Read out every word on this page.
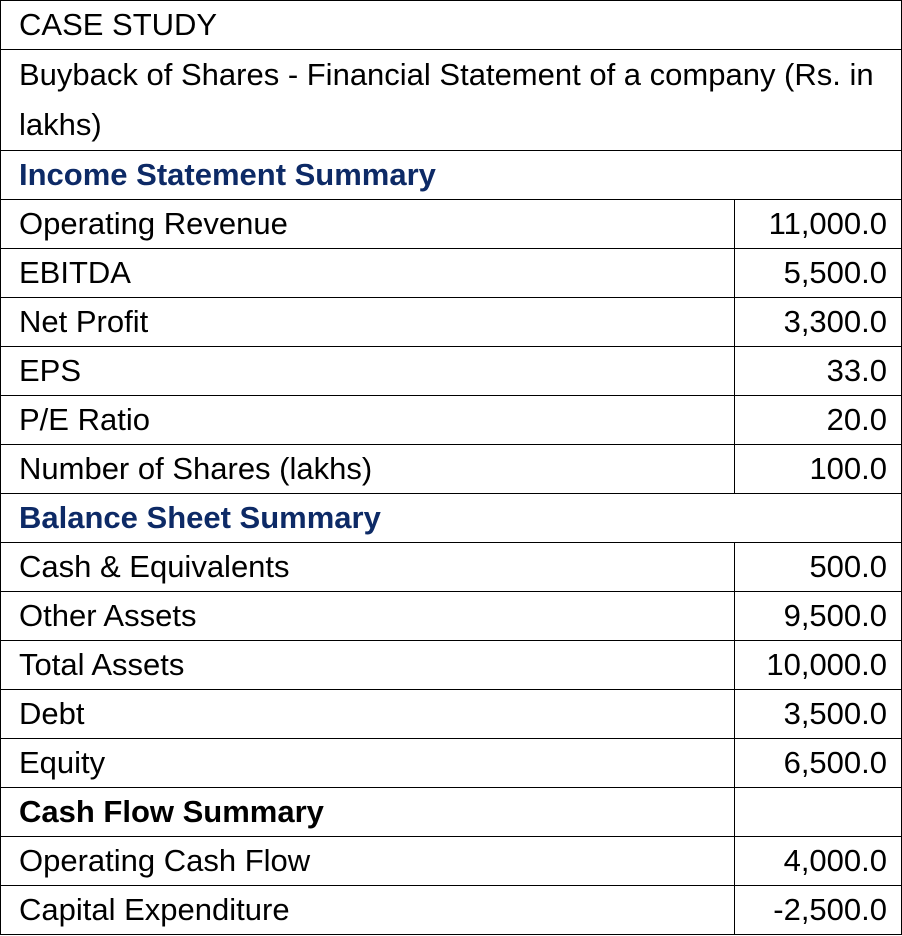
CASE STUDY	
Buyback of Shares - Financial Statement of a company (Rs. in lakhs)	
Income Statement Summary	
Operating Revenue	11,000.0
EBITDA	5,500.0
Net Profit	3,300.0
EPS	33.0
P/E Ratio	20.0
Number of Shares (lakhs)	100.0
Balance Sheet Summary	
Cash & Equivalents	500.0
Other Assets	9,500.0
Total Assets	10,000.0
Debt	3,500.0
Equity	6,500.0
Cash Flow Summary	
Operating Cash Flow	4,000.0
Capital Expenditure	-2,500.0
